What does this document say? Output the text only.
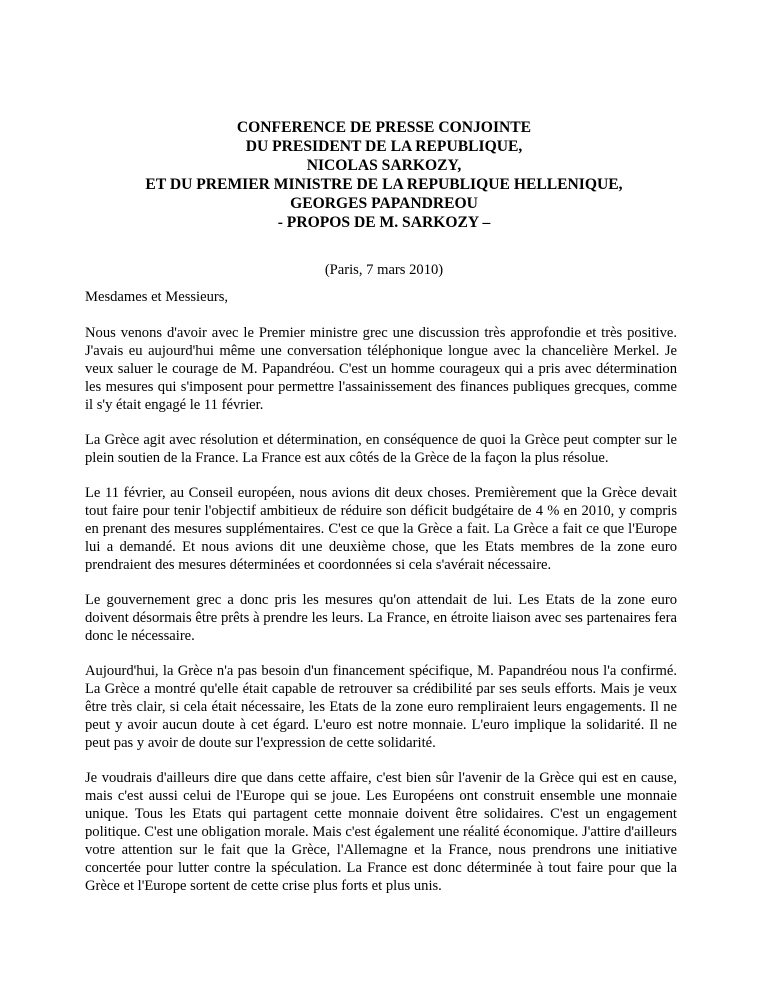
CONFERENCE DE PRESSE CONJOINTE
DU PRESIDENT DE LA REPUBLIQUE,
NICOLAS SARKOZY,
ET DU PREMIER MINISTRE DE LA REPUBLIQUE HELLENIQUE,
GEORGES PAPANDREOU
- PROPOS DE M. SARKOZY –
(Paris, 7 mars 2010)

Mesdames et Messieurs,

Nous venons d'avoir avec le Premier ministre grec une discussion très approfondie et très positive. J'avais eu aujourd'hui même une conversation téléphonique longue avec la chancelière Merkel. Je veux saluer le courage de M. Papandréou. C'est un homme courageux qui a pris avec détermination les mesures qui s'imposent pour permettre l'assainissement des finances publiques grecques, comme il s'y était engagé le 11 février.

La Grèce agit avec résolution et détermination, en conséquence de quoi la Grèce peut compter sur le plein soutien de la France. La France est aux côtés de la Grèce de la façon la plus résolue.

Le 11 février, au Conseil européen, nous avions dit deux choses. Premièrement que la Grèce devait tout faire pour tenir l'objectif ambitieux de réduire son déficit budgétaire de 4 % en 2010, y compris en prenant des mesures supplémentaires. C'est ce que la Grèce a fait. La Grèce a fait ce que l'Europe lui a demandé. Et nous avions dit une deuxième chose, que les Etats membres de la zone euro prendraient des mesures déterminées et coordonnées si cela s'avérait nécessaire.

Le gouvernement grec a donc pris les mesures qu'on attendait de lui. Les Etats de la zone euro doivent désormais être prêts à prendre les leurs. La France, en étroite liaison avec ses partenaires fera donc le nécessaire.

Aujourd'hui, la Grèce n'a pas besoin d'un financement spécifique, M. Papandréou nous l'a confirmé. La Grèce a montré qu'elle était capable de retrouver sa crédibilité par ses seuls efforts. Mais je veux être très clair, si cela était nécessaire, les Etats de la zone euro rempliraient leurs engagements. Il ne peut y avoir aucun doute à cet égard. L'euro est notre monnaie. L'euro implique la solidarité. Il ne peut pas y avoir de doute sur l'expression de cette solidarité.

Je voudrais d'ailleurs dire que dans cette affaire, c'est bien sûr l'avenir de la Grèce qui est en cause, mais c'est aussi celui de l'Europe qui se joue. Les Européens ont construit ensemble une monnaie unique. Tous les Etats qui partagent cette monnaie doivent être solidaires. C'est un engagement politique. C'est une obligation morale. Mais c'est également une réalité économique. J'attire d'ailleurs votre attention sur le fait que la Grèce, l'Allemagne et la France, nous prendrons une initiative concertée pour lutter contre la spéculation. La France est donc déterminée à tout faire pour que la Grèce et l'Europe sortent de cette crise plus forts et plus unis.
